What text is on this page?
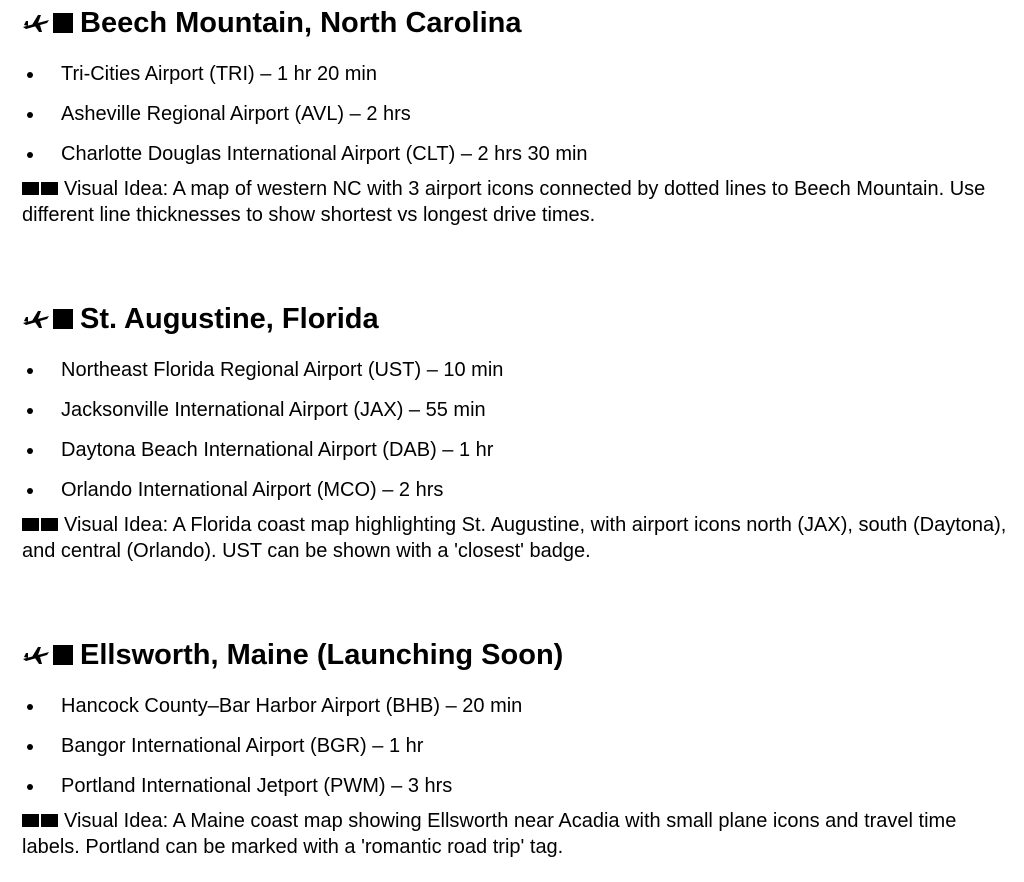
Beech Mountain, North Carolina
Tri-Cities Airport (TRI) – 1 hr 20 min
Asheville Regional Airport (AVL) – 2 hrs
Charlotte Douglas International Airport (CLT) – 2 hrs 30 min
Visual Idea: A map of western NC with 3 airport icons connected by dotted lines to Beech Mountain. Use different line thicknesses to show shortest vs longest drive times.
St. Augustine, Florida
Northeast Florida Regional Airport (UST) – 10 min
Jacksonville International Airport (JAX) – 55 min
Daytona Beach International Airport (DAB) – 1 hr
Orlando International Airport (MCO) – 2 hrs
Visual Idea: A Florida coast map highlighting St. Augustine, with airport icons north (JAX), south (Daytona), and central (Orlando). UST can be shown with a 'closest' badge.
Ellsworth, Maine (Launching Soon)
Hancock County–Bar Harbor Airport (BHB) – 20 min
Bangor International Airport (BGR) – 1 hr
Portland International Jetport (PWM) – 3 hrs
Visual Idea: A Maine coast map showing Ellsworth near Acadia with small plane icons and travel time labels. Portland can be marked with a 'romantic road trip' tag.
